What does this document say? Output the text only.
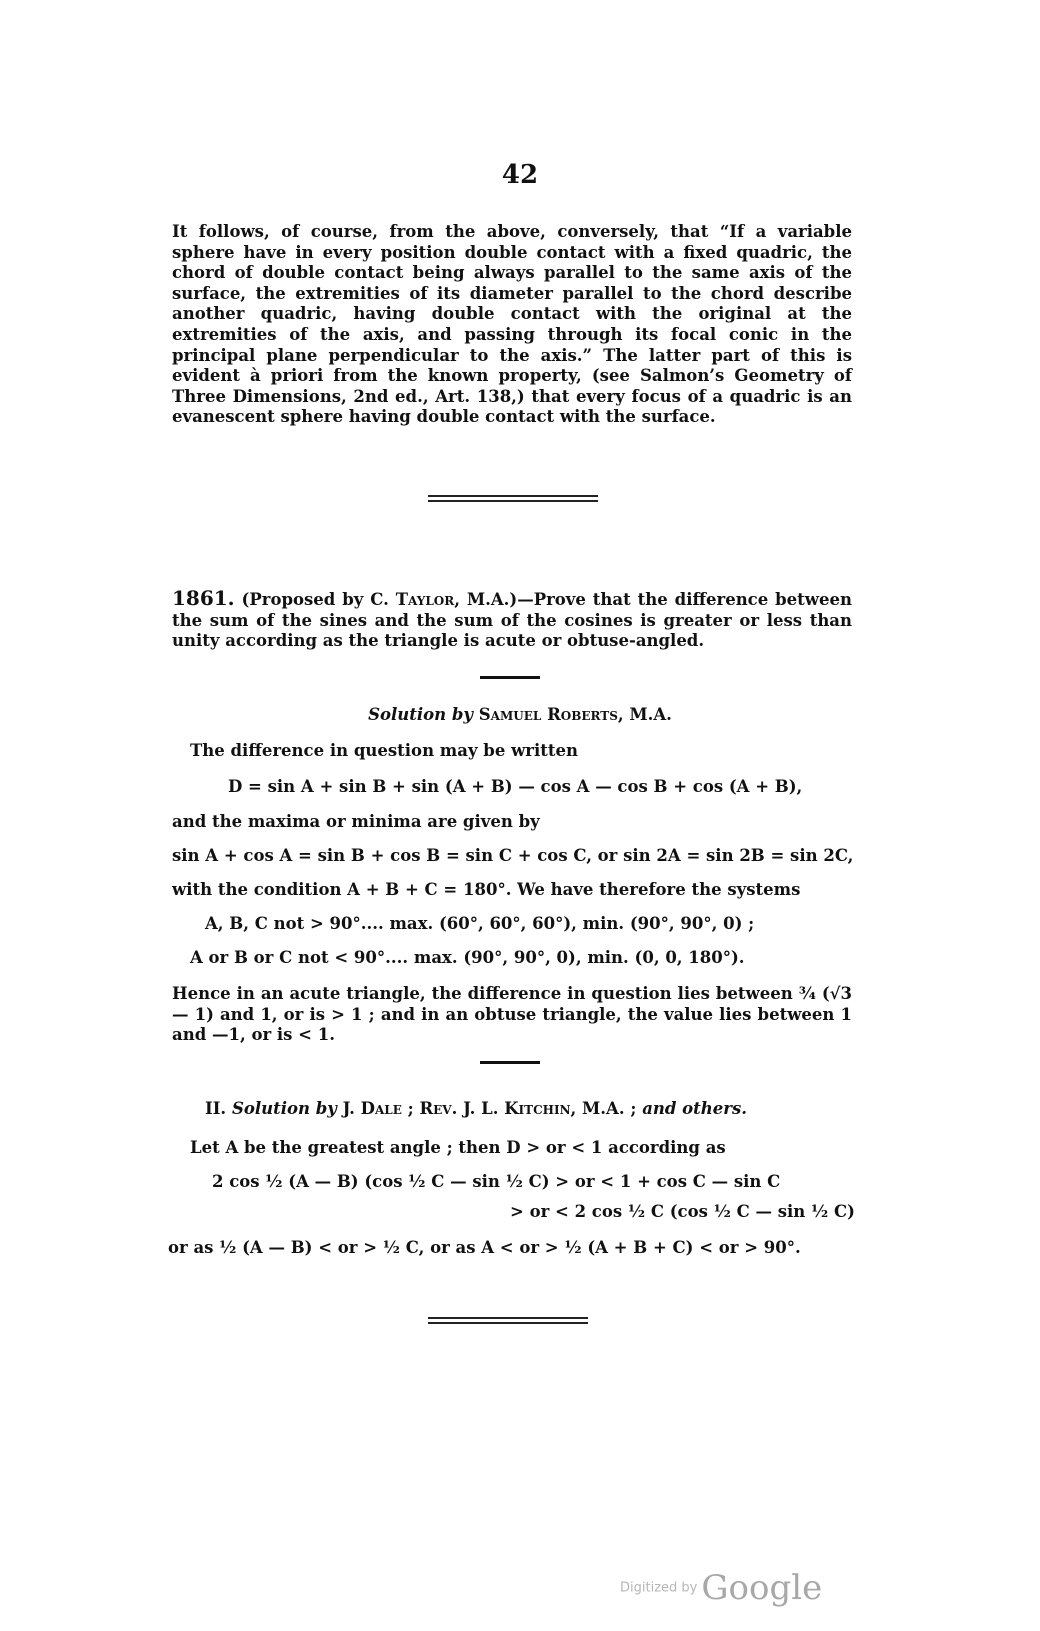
42
It follows, of course, from the above, conversely, that “If a variable sphere have in every position double contact with a fixed quadric, the chord of double contact being always parallel to the same axis of the surface, the extremities of its diameter parallel to the chord describe another quadric, having double contact with the original at the extremities of the axis, and passing through its focal conic in the principal plane perpendicular to the axis.” The latter part of this is evident à priori from the known property, (see Salmon’s Geometry of Three Dimensions, 2nd ed., Art. 138,) that every focus of a quadric is an evanescent sphere having double contact with the surface.
1861. (Proposed by C. Taylor, M.A.)—Prove that the difference between the sum of the sines and the sum of the cosines is greater or less than unity according as the triangle is acute or obtuse-angled.
Solution by Samuel Roberts, M.A.
The difference in question may be written
D = sin A + sin B + sin (A + B) — cos A — cos B + cos (A + B),
and the maxima or minima are given by
sin A + cos A = sin B + cos B = sin C + cos C, or sin 2A = sin 2B = sin 2C,
with the condition A + B + C = 180°. We have therefore the systems
A, B, C not > 90°.... max. (60°, 60°, 60°), min. (90°, 90°, 0) ;
A or B or C not < 90°.... max. (90°, 90°, 0), min. (0, 0, 180°).
Hence in an acute triangle, the difference in question lies between ¾ (√3 — 1) and 1, or is > 1 ; and in an obtuse triangle, the value lies between 1 and —1, or is < 1.
II. Solution by J. Dale ; Rev. J. L. Kitchin, M.A. ; and others.
Let A be the greatest angle ; then D > or < 1 according as
2 cos ½ (A — B) (cos ½ C — sin ½ C) > or < 1 + cos C — sin C
> or < 2 cos ½ C (cos ½ C — sin ½ C)
or as ½ (A — B) < or > ½ C, or as A < or > ½ (A + B + C) < or > 90°.
Digitized by Google
